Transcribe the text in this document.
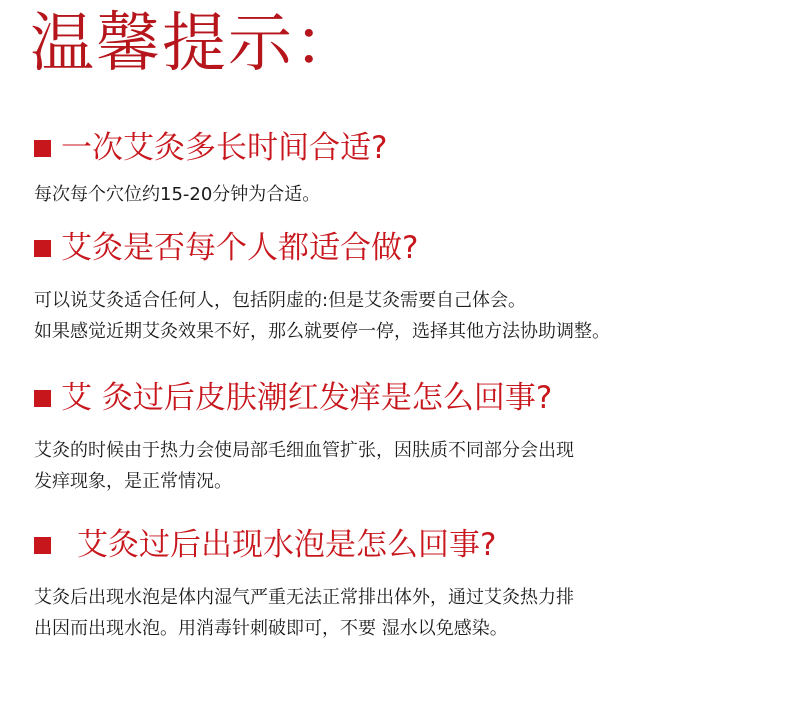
温馨提示：
一次艾灸多长时间合适?

每次每个穴位约15-20分钟为合适。

艾灸是否每个人都适合做?

可以说艾灸适合任何人，包括阴虚的:但是艾灸需要自己体会。

如果感觉近期艾灸效果不好，那么就要停一停，选择其他方法协助调整。

艾 灸过后皮肤潮红发痒是怎么回事?

艾灸的时候由于热力会使局部毛细血管扩张，因肤质不同部分会出现

发痒现象，是正常情况。

艾灸过后出现水泡是怎么回事?

艾灸后出现水泡是体内湿气严重无法正常排出体外，通过艾灸热力排

出因而出现水泡。用消毒针刺破即可，不要 湿水以免感染。
